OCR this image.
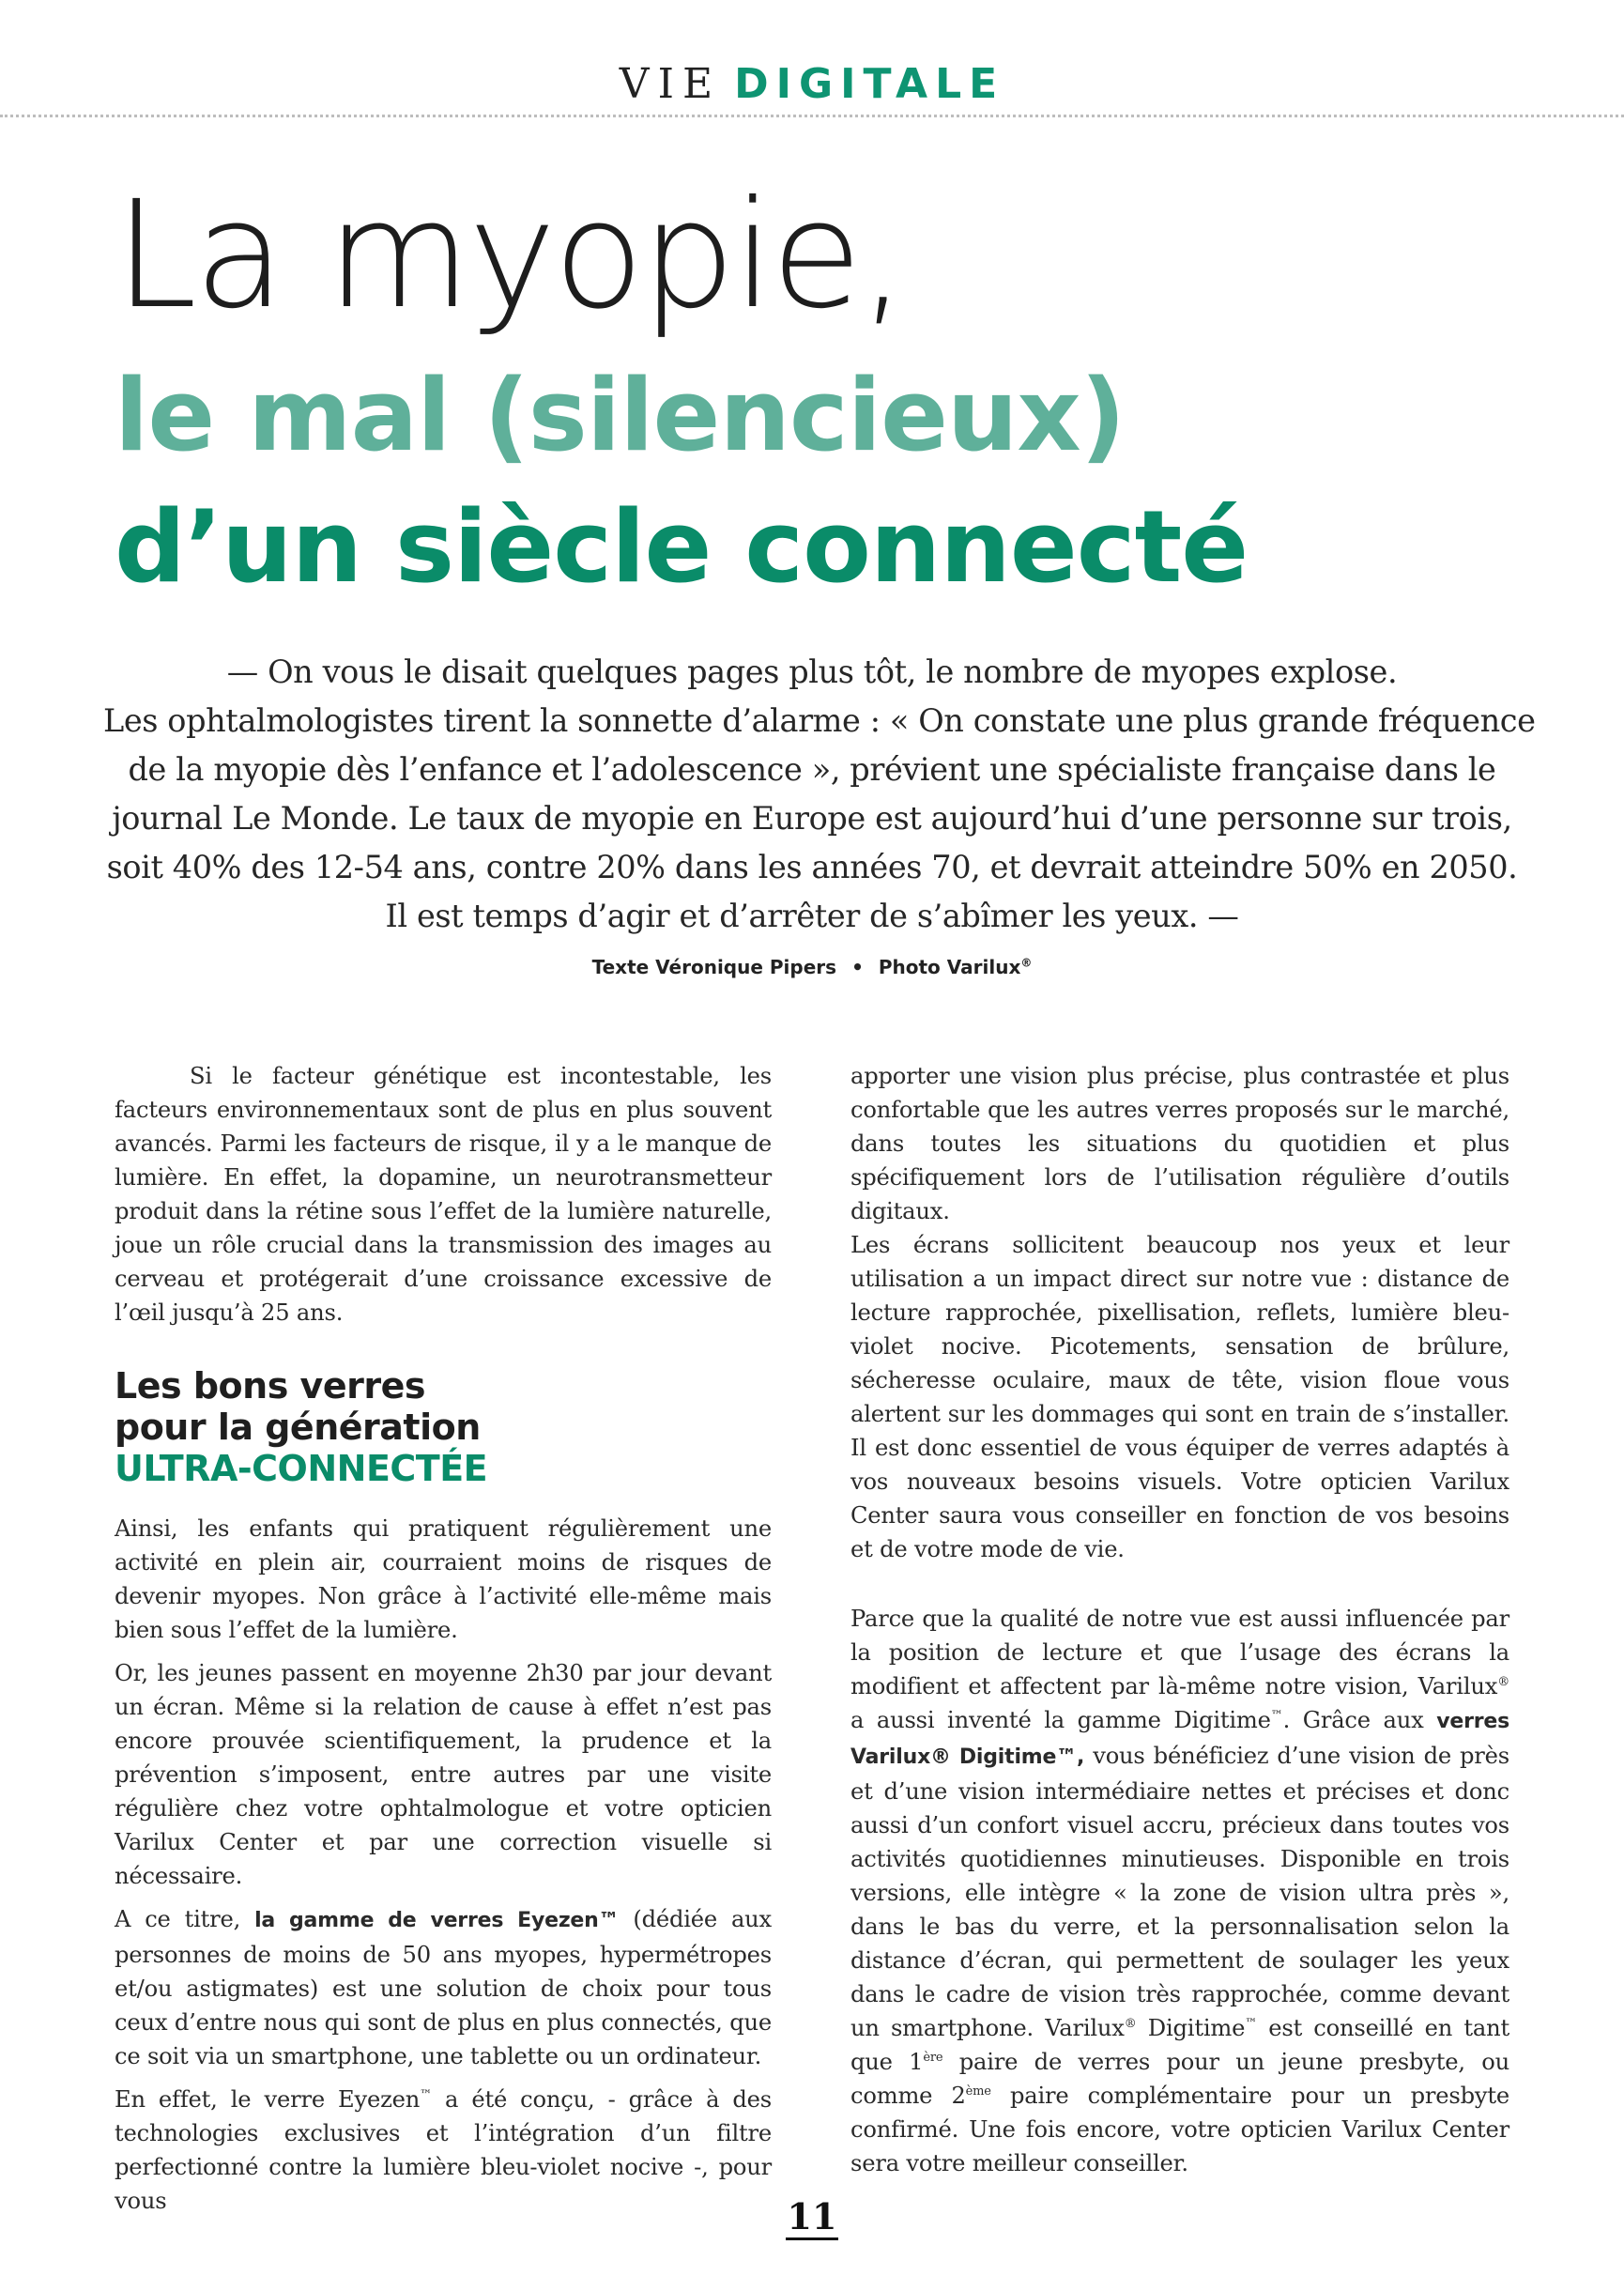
VIE DIGITALE
La myopie,
le mal (silencieux)
d’un siècle connecté

— On vous le disait quelques pages plus tôt, le nombre de myopes explose.

Les ophtalmologistes tirent la sonnette d’alarme : « On constate une plus grande fréquence

de la myopie dès l’enfance et l’adolescence », prévient une spécialiste française dans le

journal Le Monde. Le taux de myopie en Europe est aujourd’hui d’une personne sur trois,

soit 40% des 12-54 ans, contre 20% dans les années 70, et devrait atteindre 50% en 2050.

Il est temps d’agir et d’arrêter de s’abîmer les yeux. —

Texte Véronique Pipers • Photo Varilux®

Si le facteur génétique est incontestable, les facteurs environnementaux sont de plus en plus souvent avancés. Parmi les facteurs de risque, il y a le manque de lumière. En effet, la dopamine, un neurotransmetteur produit dans la rétine sous l’effet de la lumière naturelle, joue un rôle crucial dans la transmission des images au cerveau et protégerait d’une croissance excessive de l’œil jusqu’à 25 ans.

Les bons verres
pour la génération
ULTRA-CONNECTÉE

Ainsi, les enfants qui pratiquent régulièrement une activité en plein air, courraient moins de risques de devenir myopes. Non grâce à l’activité elle-même mais bien sous l’effet de la lumière.

Or, les jeunes passent en moyenne 2h30 par jour devant un écran. Même si la relation de cause à effet n’est pas encore prouvée scientifiquement, la prudence et la prévention s’imposent, entre autres par une visite régulière chez votre ophtalmologue et votre opticien Varilux Center et par une correction visuelle si nécessaire.

A ce titre, la gamme de verres Eyezen™ (dédiée aux personnes de moins de 50 ans myopes, hypermétropes et/ou astigmates) est une solution de choix pour tous ceux d’entre nous qui sont de plus en plus connectés, que ce soit via un smartphone, une tablette ou un ordinateur.

En effet, le verre Eyezen™ a été conçu, - grâce à des technologies exclusives et l’intégration d’un filtre perfectionné contre la lumière bleu-violet nocive -, pour vous

apporter une vision plus précise, plus contrastée et plus confortable que les autres verres proposés sur le marché, dans toutes les situations du quotidien et plus spécifiquement lors de l’utilisation régulière d’outils digitaux.

Les écrans sollicitent beaucoup nos yeux et leur utilisation a un impact direct sur notre vue : distance de lecture rapprochée, pixellisation, reflets, lumière bleu-violet nocive. Picotements, sensation de brûlure, sécheresse oculaire, maux de tête, vision floue vous alertent sur les dommages qui sont en train de s’installer. Il est donc essentiel de vous équiper de verres adaptés à vos nouveaux besoins visuels. Votre opticien Varilux Center saura vous conseiller en fonction de vos besoins et de votre mode de vie.

Parce que la qualité de notre vue est aussi influencée par la position de lecture et que l’usage des écrans la modifient et affectent par là-même notre vision, Varilux® a aussi inventé la gamme Digitime™. Grâce aux verres Varilux® Digitime™, vous bénéficiez d’une vision de près et d’une vision intermédiaire nettes et précises et donc aussi d’un confort visuel accru, précieux dans toutes vos activités quotidiennes minutieuses. Disponible en trois versions, elle intègre « la zone de vision ultra près », dans le bas du verre, et la personnalisation selon la distance d’écran, qui permettent de soulager les yeux dans le cadre de vision très rapprochée, comme devant un smartphone. Varilux® Digitime™ est conseillé en tant que 1ère paire de verres pour un jeune presbyte, ou comme 2ème paire complémentaire pour un presbyte confirmé. Une fois encore, votre opticien Varilux Center sera votre meilleur conseiller.

11
